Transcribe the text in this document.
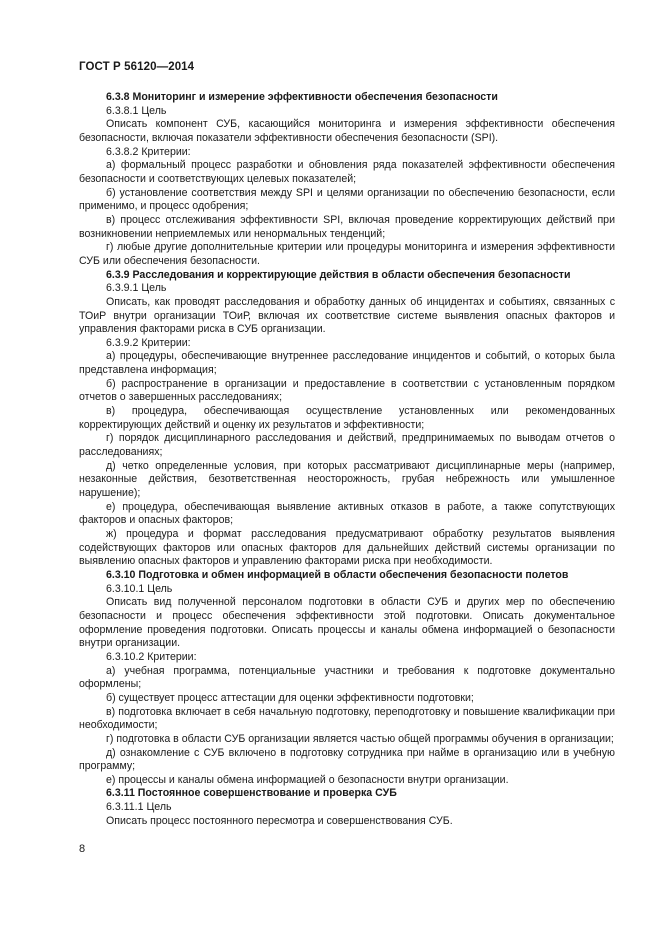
ГОСТ Р 56120—2014

6.3.8 Мониторинг и измерение эффективности обеспечения безопасности

6.3.8.1 Цель

Описать компонент СУБ, касающийся мониторинга и измерения эффективности обеспечения безопасности, включая показатели эффективности обеспечения безопасности (SPI).

6.3.8.2 Критерии:

а) формальный процесс разработки и обновления ряда показателей эффективности обеспечения безопасности и соответствующих целевых показателей;

б) установление соответствия между SPI и целями организации по обеспечению безопасности, если применимо, и процесс одобрения;

в) процесс отслеживания эффективности SPI, включая проведение корректирующих действий при возникновении неприемлемых или ненормальных тенденций;

г) любые другие дополнительные критерии или процедуры мониторинга и измерения эффективности СУБ или обеспечения безопасности.

6.3.9 Расследования и корректирующие действия в области обеспечения безопасности

6.3.9.1 Цель

Описать, как проводят расследования и обработку данных об инцидентах и событиях, связанных с ТОиР внутри организации ТОиР, включая их соответствие системе выявления опасных факторов и управления факторами риска в СУБ организации.

6.3.9.2 Критерии:

а) процедуры, обеспечивающие внутреннее расследование инцидентов и событий, о которых была представлена информация;

б) распространение в организации и предоставление в соответствии с установленным порядком отчетов о завершенных расследованиях;

в) процедура, обеспечивающая осуществление установленных или рекомендованных корректирующих действий и оценку их результатов и эффективности;

г) порядок дисциплинарного расследования и действий, предпринимаемых по выводам отчетов о расследованиях;

д) четко определенные условия, при которых рассматривают дисциплинарные меры (например, незаконные действия, безответственная неосторожность, грубая небрежность или умышленное нарушение);

е) процедура, обеспечивающая выявление активных отказов в работе, а также сопутствующих факторов и опасных факторов;

ж) процедура и формат расследования предусматривают обработку результатов выявления содействующих факторов или опасных факторов для дальнейших действий системы организации по выявлению опасных факторов и управлению факторами риска при необходимости.

6.3.10 Подготовка и обмен информацией в области обеспечения безопасности полетов

6.3.10.1 Цель

Описать вид полученной персоналом подготовки в области СУБ и других мер по обеспечению безопасности и процесс обеспечения эффективности этой подготовки. Описать документальное оформление проведения подготовки. Описать процессы и каналы обмена информацией о безопасности внутри организации.

6.3.10.2 Критерии:

а) учебная программа, потенциальные участники и требования к подготовке документально оформлены;

б) существует процесс аттестации для оценки эффективности подготовки;

в) подготовка включает в себя начальную подготовку, переподготовку и повышение квалификации при необходимости;

г) подготовка в области СУБ организации является частью общей программы обучения в организации;

д) ознакомление с СУБ включено в подготовку сотрудника при найме в организацию или в учебную программу;

е) процессы и каналы обмена информацией о безопасности внутри организации.

6.3.11 Постоянное совершенствование и проверка СУБ

6.3.11.1 Цель

Описать процесс постоянного пересмотра и совершенствования СУБ.

8
